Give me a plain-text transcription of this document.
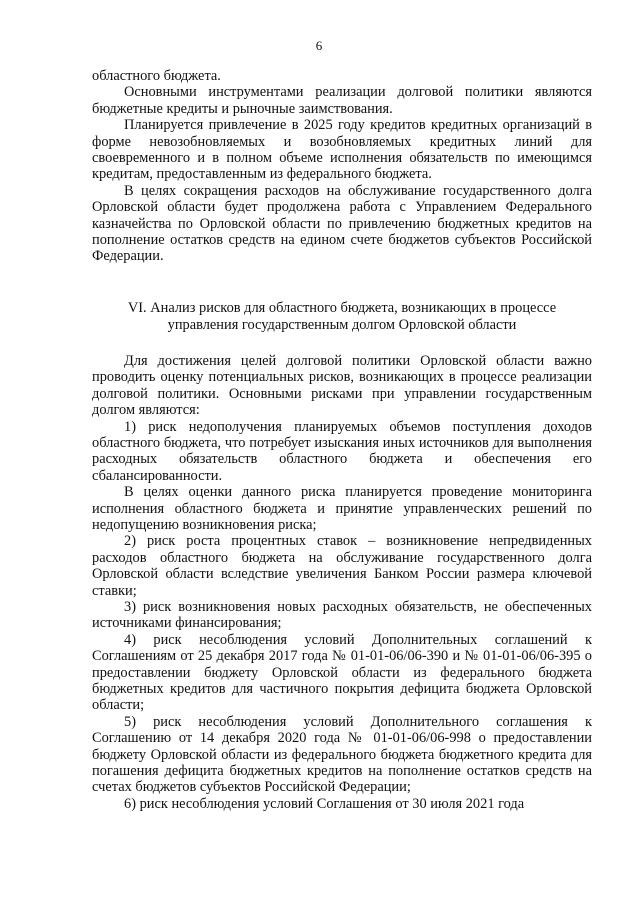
6

областного бюджета.

Основными инструментами реализации долговой политики являются бюджетные кредиты и рыночные заимствования.

Планируется привлечение в 2025 году кредитов кредитных организаций в форме невозобновляемых и возобновляемых кредитных линий для своевременного и в полном объеме исполнения обязательств по имеющимся кредитам, предоставленным из федерального бюджета.

В целях сокращения расходов на обслуживание государственного долга Орловской области будет продолжена работа с Управлением Федерального казначейства по Орловской области по привлечению бюджетных кредитов на пополнение остатков средств на едином счете бюджетов субъектов Российской Федерации.

VI. Анализ рисков для областного бюджета, возникающих в процессе управления государственным долгом Орловской области

Для достижения целей долговой политики Орловской области важно проводить оценку потенциальных рисков, возникающих в процессе реализации долговой политики. Основными рисками при управлении государственным долгом являются:

1) риск недополучения планируемых объемов поступления доходов областного бюджета, что потребует изыскания иных источников для выполнения расходных обязательств областного бюджета и обеспечения его сбалансированности.

В целях оценки данного риска планируется проведение мониторинга исполнения областного бюджета и принятие управленческих решений по недопущению возникновения риска;

2) риск роста процентных ставок – возникновение непредвиденных расходов областного бюджета на обслуживание государственного долга Орловской области вследствие увеличения Банком России размера ключевой ставки;

3) риск возникновения новых расходных обязательств, не обеспеченных источниками финансирования;

4) риск несоблюдения условий Дополнительных соглашений к Соглашениям от 25 декабря 2017 года № 01-01-06/06-390 и № 01-01-06/06-395 о предоставлении бюджету Орловской области из федерального бюджета бюджетных кредитов для частичного покрытия дефицита бюджета Орловской области;

5) риск несоблюдения условий Дополнительного соглашения к Соглашению от 14 декабря 2020 года № 01-01-06/06-998 о предоставлении бюджету Орловской области из федерального бюджета бюджетного кредита для погашения дефицита бюджетных кредитов на пополнение остатков средств на счетах бюджетов субъектов Российской Федерации;

6) риск несоблюдения условий Соглашения от 30 июля 2021 года
